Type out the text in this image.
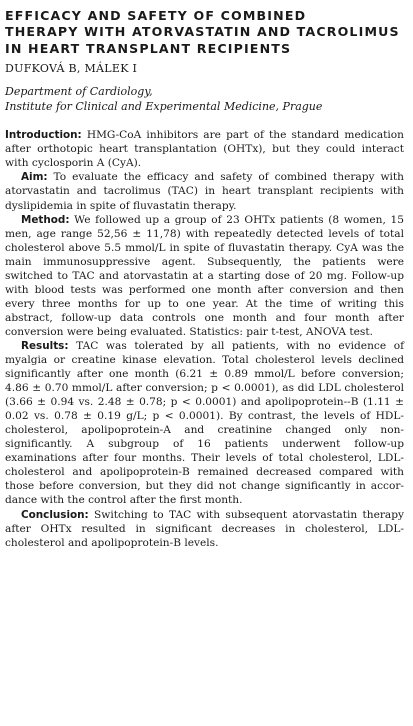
EFFICACY AND SAFETY OF COMBINED
THERAPY WITH ATORVASTATIN AND TACROLIMUS
IN HEART TRANSPLANT RECIPIENTS
DUFKOVÁ B, MÁLEK I
Department of Cardiology,
Institute for Clinical and Experimental Medicine, Prague

Introduction: HMG-CoA inhibitors are part of the standard medication after orthotopic heart transplantation (OHTx), but they could interact with cyclosporin A (CyA).

Aim: To evaluate the efficacy and safety of combined therapy with atorvastatin and tacrolimus (TAC) in heart transplant recipients with dyslipidemia in spite of fluvastatin therapy.

Method: We followed up a group of 23 OHTx patients (8 women, 15 men, age range 52,56 ± 11,78) with repeatedly detected levels of total cholesterol above 5.5 mmol/L in spite of fluvastatin therapy. CyA was the main immunosuppressive agent. Subsequently, the patients were switched to TAC and atorvastatin at a starting dose of 20 mg. Follow-up with blood tests was performed one month after conversion and then every three months for up to one year. At the time of writing this abstract, follow-up data controls one month and four month after conversion were being evaluated. Statistics: pair t-test, ANOVA test.

Results: TAC was tolerated by all patients, with no evidence of myalgia or creatine kinase elevation. Total cholesterol levels declined significantly after one month (6.21 ± 0.89 mmol/L before conversion; 4.86 ± 0.70 mmol/L after conversion; p < 0.0001), as did LDL cholesterol (3.66 ± 0.94 vs. 2.48 ± 0.78; p < 0.0001) and apolipoprotein--B (1.11 ± 0.02 vs. 0.78 ± 0.19 g/L; p < 0.0001). By contrast, the levels of HDL-cholesterol, apolipoprotein-A and creatinine changed only non-significantly. A subgroup of 16 patients underwent follow-up examinations after four months. Their levels of total cholesterol, LDL-cholesterol and apolipoprotein-B remained decreased compared with those before conversion, but they did not change significantly in accordance with the control after the first month.

Conclusion: Switching to TAC with subsequent atorvastatin therapy after OHTx resulted in significant decreases in cholesterol, LDL-cholesterol and apolipoprotein-B levels.
